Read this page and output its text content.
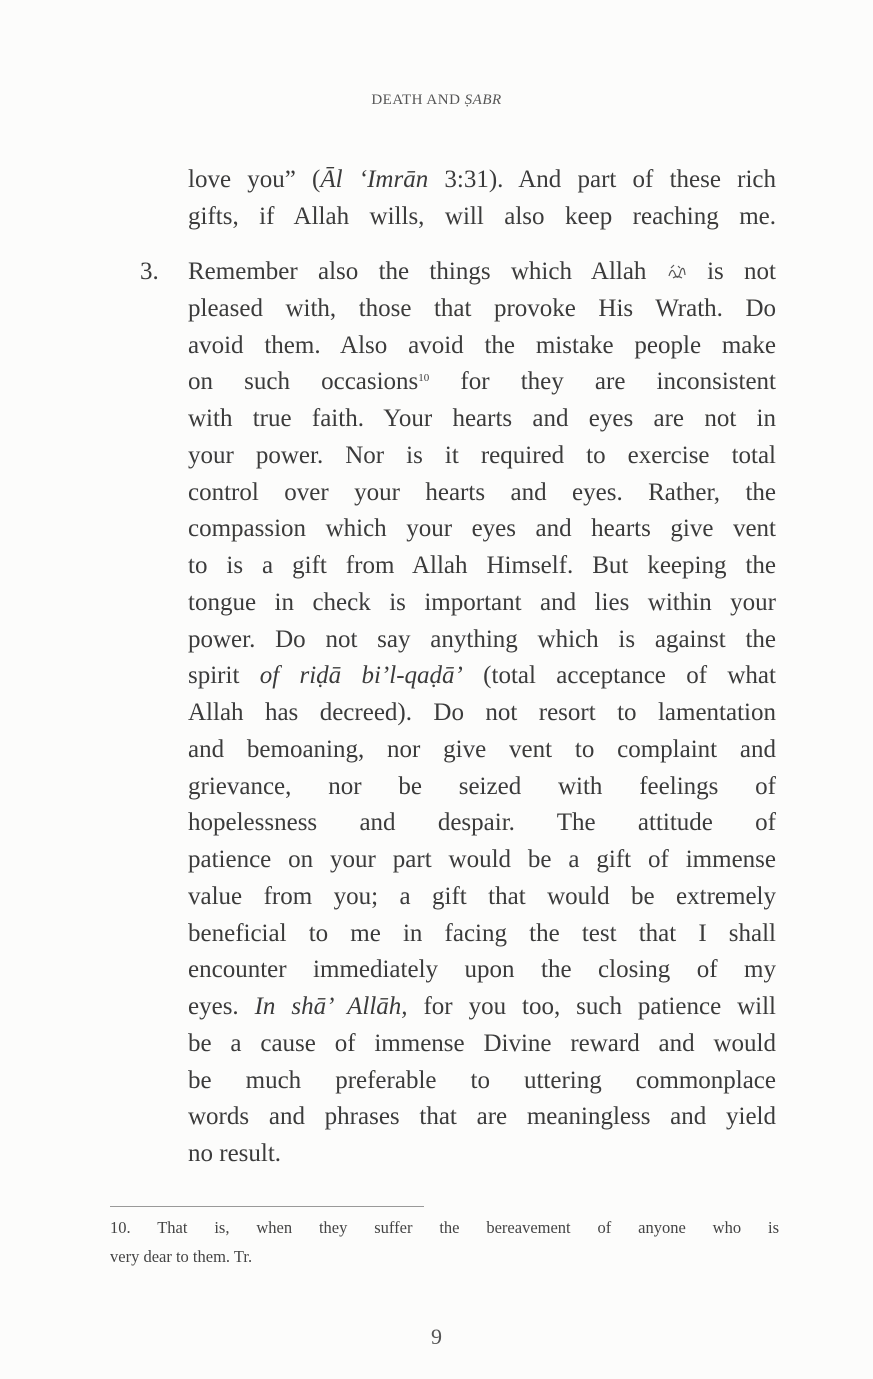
DEATH AND ṢABR
love you” (Āl ‘Imrān 3:31). And part of these rich
gifts, if Allah wills, will also keep reaching me.
Remember also the things which Allah  is not
pleased with, those that provoke His Wrath. Do
avoid them. Also avoid the mistake people make
on such occasions$^{10}$ for they are inconsistent
with true faith. Your hearts and eyes are not in
your power. Nor is it required to exercise total
control over your hearts and eyes. Rather, the
compassion which your eyes and hearts give vent
to is a gift from Allah Himself. But keeping the
tongue in check is important and lies within your
power. Do not say anything which is against the
spirit of riḍā bi’l-qaḍā’ (total acceptance of what
Allah has decreed). Do not resort to lamentation
and bemoaning, nor give vent to complaint and
grievance, nor be seized with feelings of
hopelessness and despair. The attitude of
patience on your part would be a gift of immense
value from you; a gift that would be extremely
beneficial to me in facing the test that I shall
encounter immediately upon the closing of my
eyes. In shā’ Allāh, for you too, such patience will
be a cause of immense Divine reward and would
be much preferable to uttering commonplace
words and phrases that are meaningless and yield
no result.
3.
10. That is, when they suffer the bereavement of anyone who is
very dear to them. Tr.
9
